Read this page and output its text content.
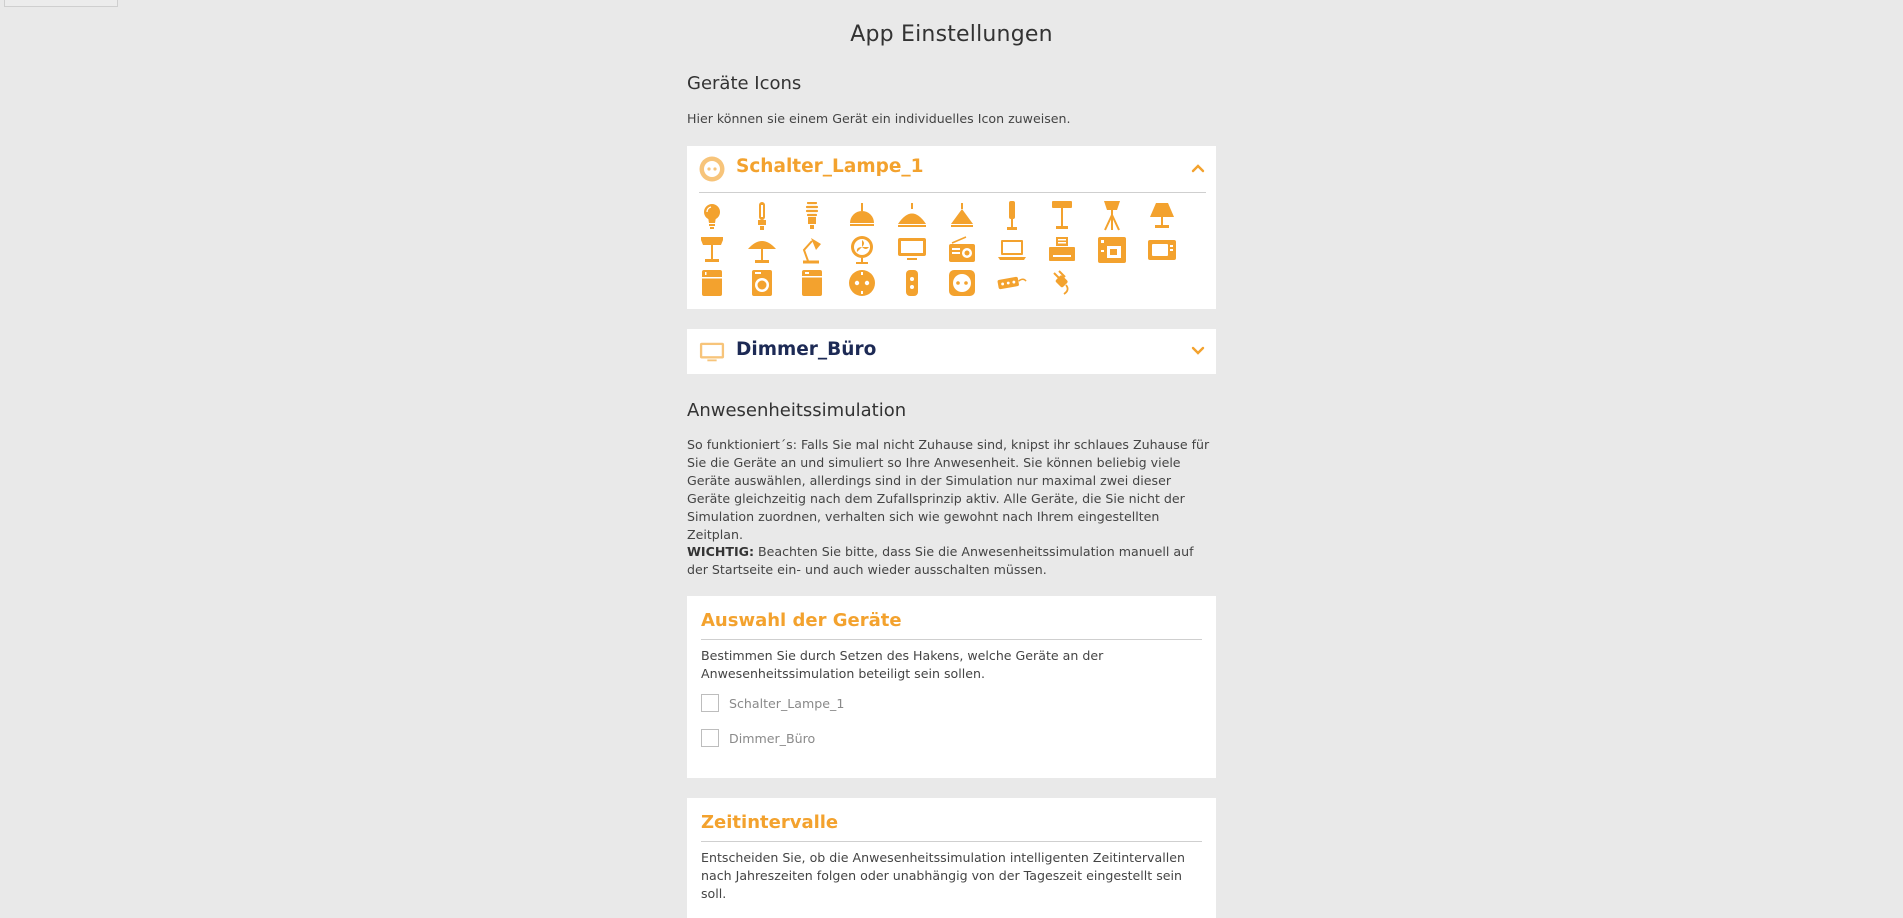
App Einstellungen
Geräte Icons
Hier können sie einem Gerät ein individuelles Icon zuweisen.
Schalter_Lampe_1
Dimmer_Büro
Anwesenheitssimulation
So funktioniert´s: Falls Sie mal nicht Zuhause sind, knipst ihr schlaues Zuhause für Sie die Geräte an und simuliert so Ihre Anwesenheit. Sie können beliebig viele Geräte auswählen, allerdings sind in der Simulation nur maximal zwei dieser Geräte gleichzeitig nach dem Zufallsprinzip aktiv. Alle Geräte, die Sie nicht der Simulation zuordnen, verhalten sich wie gewohnt nach Ihrem eingestellten Zeitplan.
WICHTIG: Beachten Sie bitte, dass Sie die Anwesenheitssimulation manuell auf der Startseite ein- und auch wieder ausschalten müssen.
Auswahl der Geräte
Bestimmen Sie durch Setzen des Hakens, welche Geräte an der Anwesenheitssimulation beteiligt sein sollen.
Schalter_Lampe_1
Dimmer_Büro
Zeitintervalle
Entscheiden Sie, ob die Anwesenheitssimulation intelligenten Zeitintervallen nach Jahreszeiten folgen oder unabhängig von der Tageszeit eingestellt sein soll.
